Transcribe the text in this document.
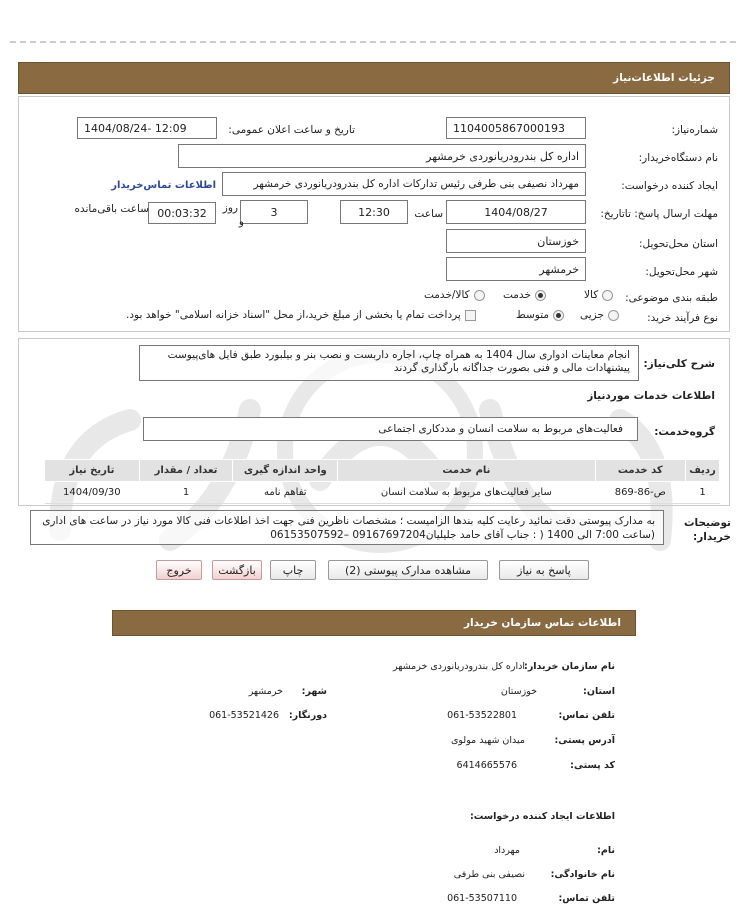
جزئیات اطلاعات‌نیاز
شماره‌نیاز:
1104005867000193
تاریخ و ساعت اعلان عمومی:
1404/08/24- 12:09
نام دستگاه‌خریدار:
اداره کل بندرودریانوردی خرمشهر
ایجاد کننده درخواست:
مهرداد نصیفی بنی طرفی رئیس تدارکات اداره کل بندرودریانوردی خرمشهر
اطلاعات تماس‌خریدار
مهلت ارسال پاسخ: تاتاریخ:
1404/08/27
ساعت
12:30
3
روز
و
00:03:32
ساعت باقی‌مانده
استان محل‌تحویل:
خوزستان
شهر محل‌تحویل:
خرمشهر
طبقه بندی موضوعی:
کالا
خدمت
کالا/خدمت
نوع فرآیند خرید:
جزیی
متوسط
پرداخت تمام یا بخشی از مبلغ خرید،از محل "اسناد خزانه اسلامی" خواهد بود.
شرح کلی‌نیاز:
انجام معاینات ادواری سال 1404 به همراه چاپ، اجاره داربست و نصب بنر و بیلبورد طبق فایل های‌پیوست پیشنهادات مالی و فنی بصورت جداگانه بارگذاری گردند
اطلاعات خدمات موردنیاز
گروه‌خدمت:
فعالیت‌های مربوط به سلامت انسان و مددکاری اجتماعی
ردیف	کد خدمت	نام خدمت	واحد اندازه گیری	تعداد / مقدار	تاریخ نیاز
1	ص-86-869	سایر فعالیت‌های مربوط به سلامت انسان	تفاهم نامه	1	1404/09/30
توضیحات خریدار:
به مدارک پیوستی دقت نمائید رعایت کلیه بندها الزامیست ؛ مشخصات ناظرین فنی جهت اخذ اطلاعات فنی کالا مورد نیاز در ساعت های اداری (ساعت 7:00 الی 1400 ( : جناب آقای حامد جلیلیان09167697204 –06153507592
پاسخ به نیاز
مشاهده مدارک پیوستی (2)
چاپ
بازگشت
خروج
اطلاعات تماس سازمان خریدار
نام سازمان خریدار:
اداره کل بندرودریانوردی خرمشهر
استان:
خوزستان
شهر:
خرمشهر
تلفن تماس:
061-53522801
دورنگار:
061-53521426
آدرس پستی:
میدان شهید مولوی
کد پستی:
6414665576
اطلاعات ایجاد کننده درخواست:
نام:
مهرداد
نام خانوادگی:
نصیفی بنی طرفی
تلفن تماس:
061-53507110
